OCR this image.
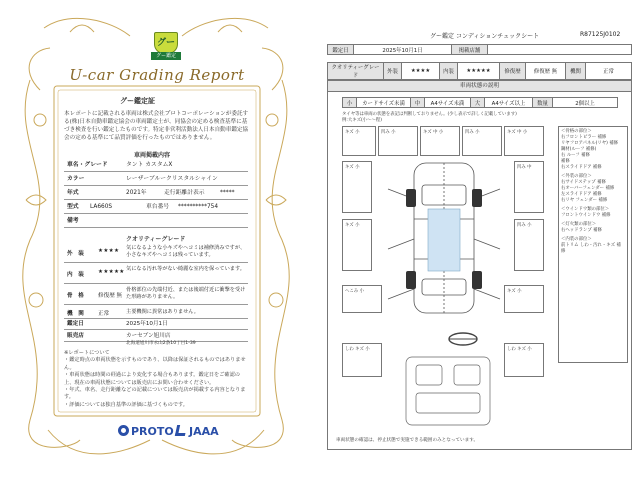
グー
グー鑑定
U-car Grading Report
グー鑑定証
本レポートに記載される車両は株式会社プロトコーポレーションが委託する(株)日本自動車鑑定協会の車両鑑定士が、同協会の定める検査基準に基づき検査を行い鑑定したものです。特定非営利活動法人日本自動車鑑定協会の定める基準にて品質評価を行ったものではありません。
車両掲載内容
車名・グレード	タント カスタムX
カラー	レーザーブルークリスタルシャイン
年式	2021年	走行距離計表示	*****
型式 LA660S	車台番号 **********754
備考
クオリティーグレード
外　装	★★★★ 気になるような小キズやヘコミは補修済みですが、小さなキズやヘコミは残っています。
内　装	★★★★★ 気になる汚れ等がない綺麗な室内を保っています。
骨　格	修復歴 無
骨格部位の先端付近、または後端付近に衝撃を受けた形跡がありません。
機　関	正常	主要機関に異常はありません。
鑑定日	2025年10月1日
販売店	カーセブン旭川店
北海道旭川市永山2条10丁目1-39
※レポートについて
・鑑定時点の車両状態を示すものであり、以降は保証されるものではありません。
・車両状態は時間の経過により変化する場合もあります。鑑定日をご確認の上、現在の車両状態については販売店にお問い合わせください。
・年式、車名、走行距離などの記載については販売店が掲載する内容となります。
・評価については独自基準の評価に基づくものです。
PROTO	JAAA
グー鑑定 コンディションチェックシート	R87125J0102
鑑定日	2025年10月1日	掲載店舗	
クオリティーグレード	外装	★★★★	内装	★★★★★	修復歴	修復歴 無	機関	正常
車両状態の説明
小	カードサイズ未満	中	A4サイズ未満	大	A4サイズ以上	数量	2個以上
タイヤ等は車両の状態を表記は判断しておりません。(少し表示で詳しく記載しています)
例:大キズ(小～～程)
キズ 小	凹み 小	キズ 中 小	凹み 小	キズ 中 小
キズ 小	凹み 中
キズ 小	凹み 小
へこみ 小	キズ 小
しわ キズ 小	しわ キズ 小
＜骨格の部位＞
右フロントピラー 補修
リヤフロアパネル(リヤ) 補修
鋼材(ルーフ 補修)
右 ルーフ 補修
補修
右スライドドア 補修
＜外装の部位＞
右サイドステップ 補修
右オーバーフェンダー 補修
左スライドドア 補修
右リヤ フェンダー 補修
＜ウインドウ類の部位＞
フロントウインドウ 補修
＜灯火類の部位＞
右ヘッドランプ 補修
＜内装の部位＞
前トリム しわ・汚れ・キズ 補修
車両状態の確認は、停止状態で実施できる範囲のみとなっています。
